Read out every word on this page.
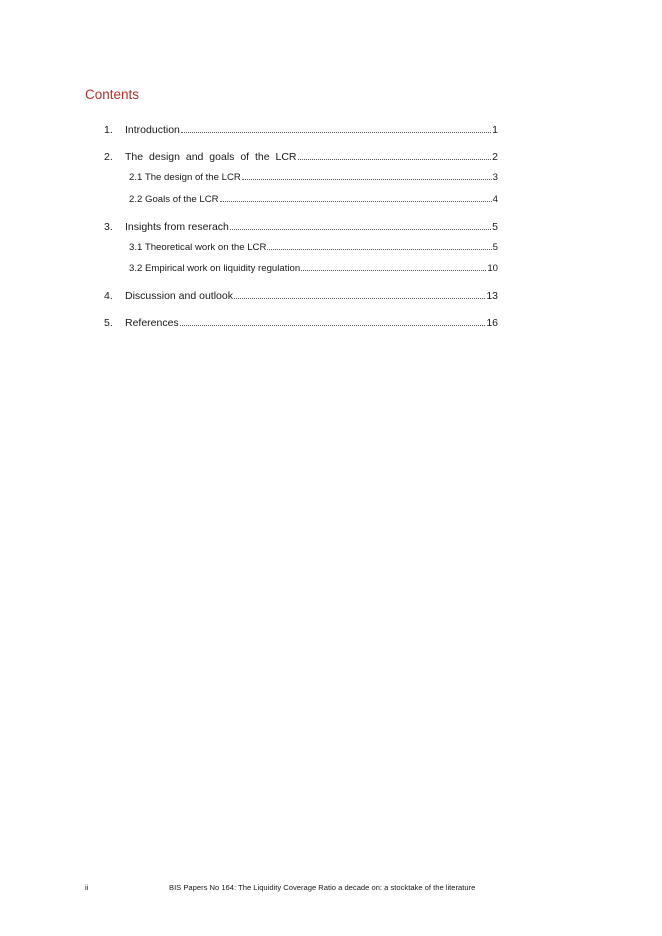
Contents
1.	Introduction	1
2.	The design and goals of the LCR	2
2.1 The design of the LCR	3
2.2 Goals of the LCR	4
3.	Insights from reserach	5
3.1 Theoretical work on the LCR	5
3.2 Empirical work on liquidity regulation	10
4.	Discussion and outlook	13
5.	References	16
ii	BIS Papers No 164: The Liquidity Coverage Ratio a decade on: a stocktake of the literature
